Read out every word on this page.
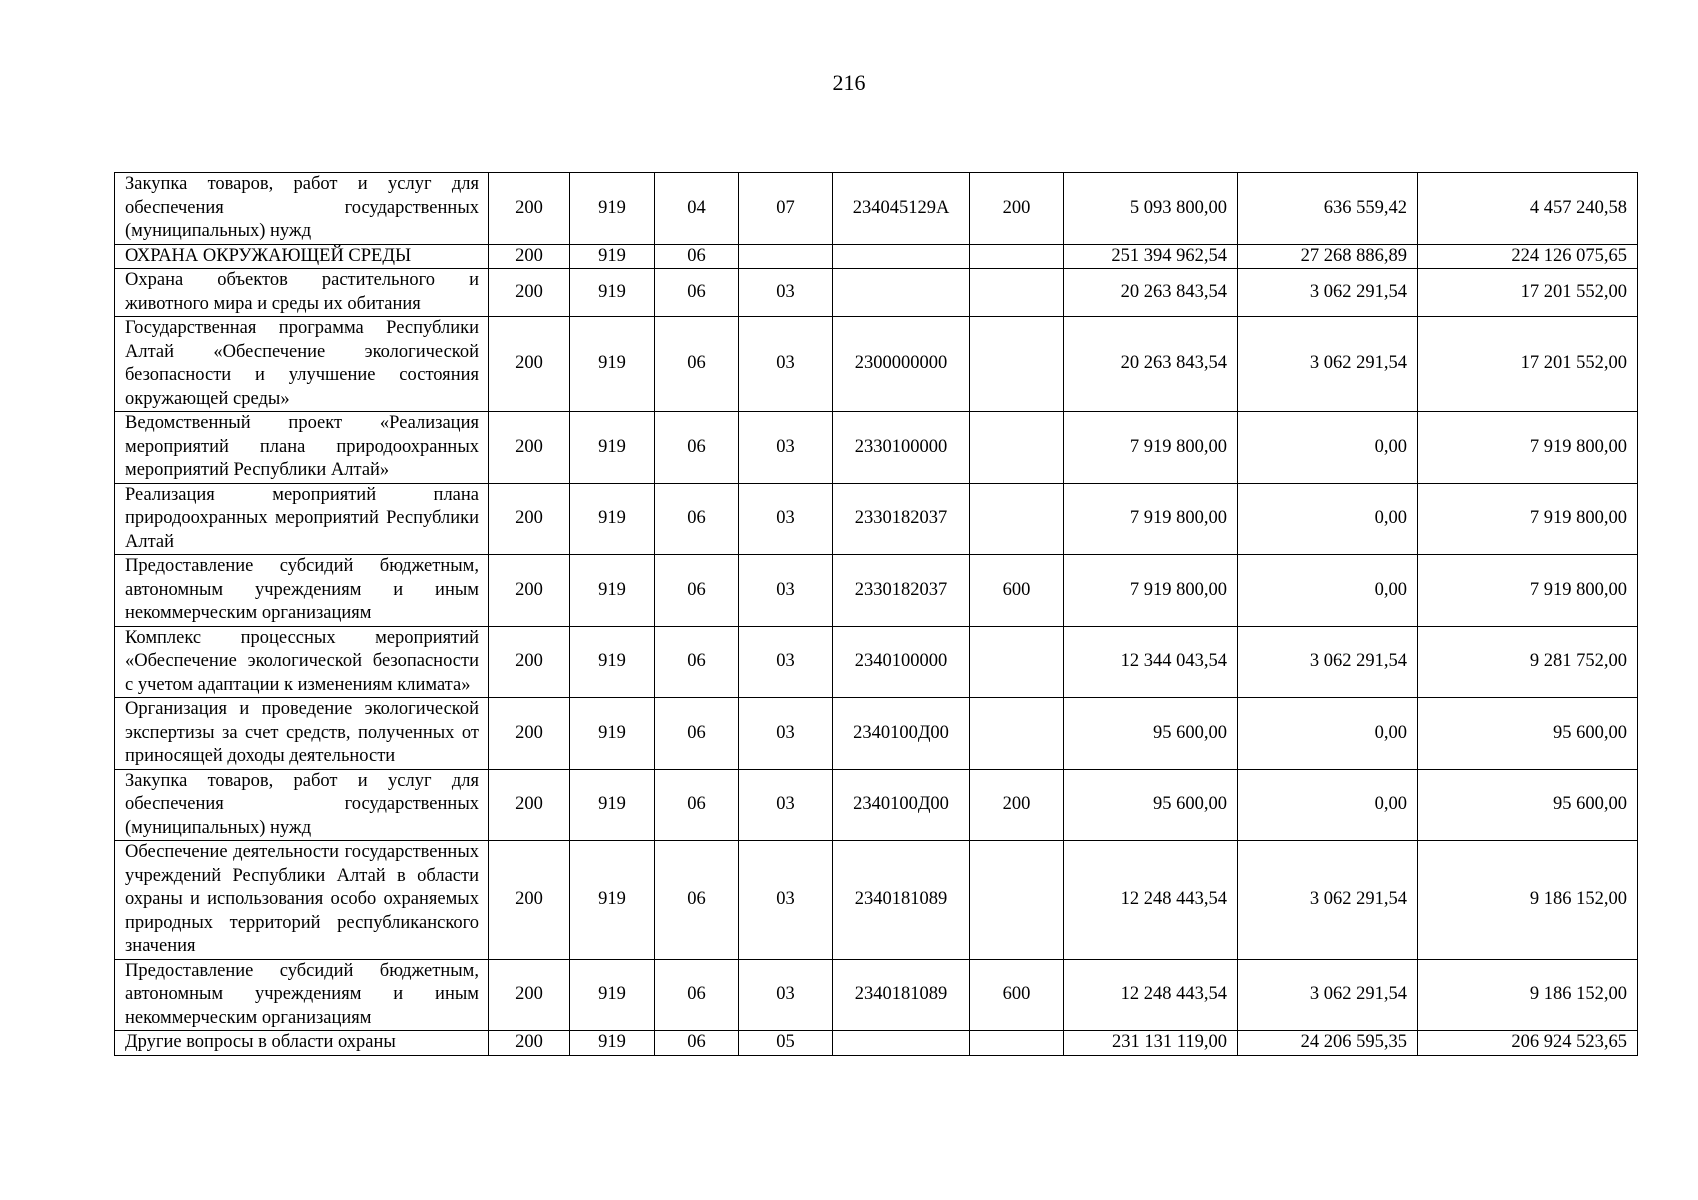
216
Закупка товаров, работ и услуг для обеспечения государственных (муниципальных) нужд	200	919	04	07	234045129А	200	5 093 800,00	636 559,42	4 457 240,58
ОХРАНА ОКРУЖАЮЩЕЙ СРЕДЫ	200	919	06				251 394 962,54	27 268 886,89	224 126 075,65
Охрана объектов растительного и животного мира и среды их обитания	200	919	06	03			20 263 843,54	3 062 291,54	17 201 552,00
Государственная программа Республики Алтай «Обеспечение экологической безопасности и улучшение состояния окружающей среды»	200	919	06	03	2300000000		20 263 843,54	3 062 291,54	17 201 552,00
Ведомственный проект «Реализация мероприятий плана природоохранных мероприятий Республики Алтай»	200	919	06	03	2330100000		7 919 800,00	0,00	7 919 800,00
Реализация мероприятий плана природоохранных мероприятий Республики Алтай	200	919	06	03	2330182037		7 919 800,00	0,00	7 919 800,00
Предоставление субсидий бюджетным, автономным учреждениям и иным некоммерческим организациям	200	919	06	03	2330182037	600	7 919 800,00	0,00	7 919 800,00
Комплекс процессных мероприятий «Обеспечение экологической безопасности с учетом адаптации к изменениям климата»	200	919	06	03	2340100000		12 344 043,54	3 062 291,54	9 281 752,00
Организация и проведение экологической экспертизы за счет средств, полученных от приносящей доходы деятельности	200	919	06	03	2340100Д00		95 600,00	0,00	95 600,00
Закупка товаров, работ и услуг для обеспечения государственных (муниципальных) нужд	200	919	06	03	2340100Д00	200	95 600,00	0,00	95 600,00
Обеспечение деятельности государственных учреждений Республики Алтай в области охраны и использования особо охраняемых природных территорий республиканского значения	200	919	06	03	2340181089		12 248 443,54	3 062 291,54	9 186 152,00
Предоставление субсидий бюджетным, автономным учреждениям и иным некоммерческим организациям	200	919	06	03	2340181089	600	12 248 443,54	3 062 291,54	9 186 152,00
Другие вопросы в области охраны	200	919	06	05			231 131 119,00	24 206 595,35	206 924 523,65
